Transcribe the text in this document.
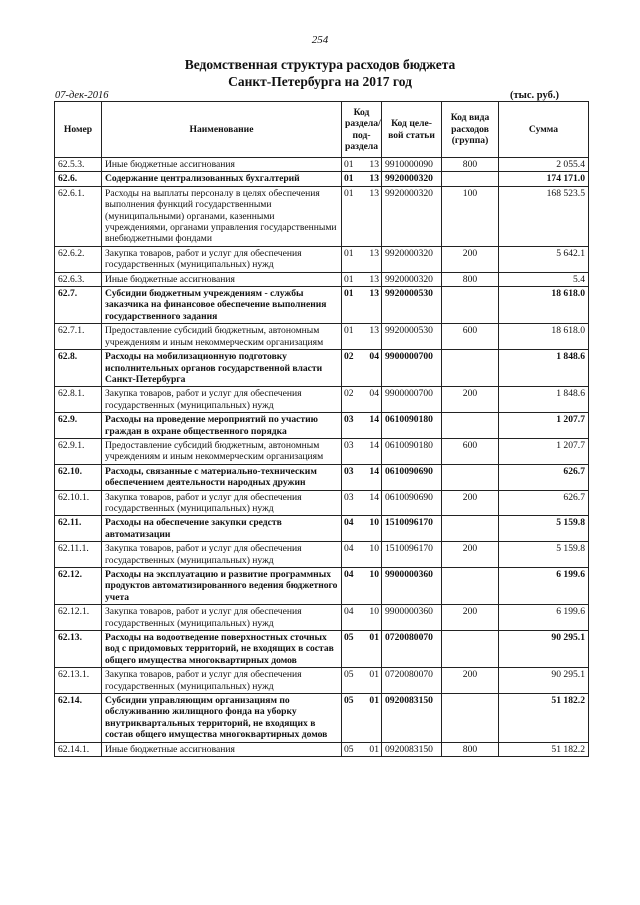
254
Ведомственная структура расходов бюджета
Санкт-Петербурга на 2017 год
07-дек-2016	(тыс. руб.)
Номер	Наименование	Код раздела/ под- раздела	Код целе- вой статьи	Код вида расходов (группа)	Сумма
62.5.3.	Иные бюджетные ассигнования	01 13	9910000090	800	2 055.4
62.6.	Содержание централизованных бухгалтерий	01 13	9920000320		174 171.0
62.6.1.	Расходы на выплаты персоналу в целях обеспечения выполнения функций государственными (муниципальными) органами, казенными учреждениями, органами управления государственными внебюджетными фондами	01 13	9920000320	100	168 523.5
62.6.2.	Закупка товаров, работ и услуг для обеспечения государственных (муниципальных) нужд	01 13	9920000320	200	5 642.1
62.6.3.	Иные бюджетные ассигнования	01 13	9920000320	800	5.4
62.7.	Субсидии бюджетным учреждениям - службы заказчика на финансовое обеспечение выполнения государственного задания	01 13	9920000530		18 618.0
62.7.1.	Предоставление субсидий бюджетным, автономным учреждениям и иным некоммерческим организациям	01 13	9920000530	600	18 618.0
62.8.	Расходы на мобилизационную подготовку исполнительных органов государственной власти Санкт-Петербурга	02 04	9900000700		1 848.6
62.8.1.	Закупка товаров, работ и услуг для обеспечения государственных (муниципальных) нужд	02 04	9900000700	200	1 848.6
62.9.	Расходы на проведение мероприятий по участию граждан в охране общественного порядка	03 14	0610090180		1 207.7
62.9.1.	Предоставление субсидий бюджетным, автономным учреждениям и иным некоммерческим организациям	03 14	0610090180	600	1 207.7
62.10.	Расходы, связанные с материально-техническим обеспечением деятельности народных дружин	03 14	0610090690		626.7
62.10.1.	Закупка товаров, работ и услуг для обеспечения государственных (муниципальных) нужд	03 14	0610090690	200	626.7
62.11.	Расходы на обеспечение закупки средств автоматизации	04 10	1510096170		5 159.8
62.11.1.	Закупка товаров, работ и услуг для обеспечения государственных (муниципальных) нужд	04 10	1510096170	200	5 159.8
62.12.	Расходы на эксплуатацию и развитие программных продуктов автоматизированного ведения бюджетного учета	04 10	9900000360		6 199.6
62.12.1.	Закупка товаров, работ и услуг для обеспечения государственных (муниципальных) нужд	04 10	9900000360	200	6 199.6
62.13.	Расходы на водоотведение поверхностных сточных вод с придомовых территорий, не входящих в состав общего имущества многоквартирных домов	05 01	0720080070		90 295.1
62.13.1.	Закупка товаров, работ и услуг для обеспечения государственных (муниципальных) нужд	05 01	0720080070	200	90 295.1
62.14.	Субсидии управляющим организациям по обслуживанию жилищного фонда на уборку внутриквартальных территорий, не входящих в состав общего имущества многоквартирных домов	05 01	0920083150		51 182.2
62.14.1.	Иные бюджетные ассигнования	05 01	0920083150	800	51 182.2
